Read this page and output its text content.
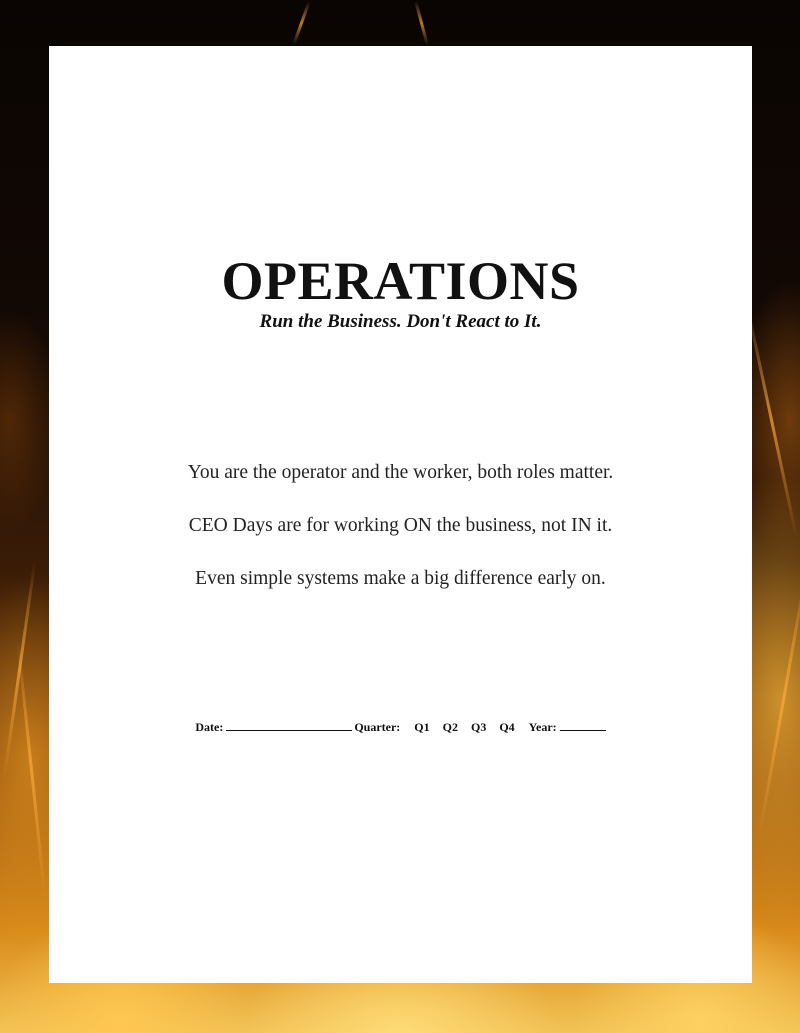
OPERATIONS
Run the Business. Don't React to It.
You are the operator and the worker, both roles matter.
CEO Days are for working ON the business, not IN it.
Even simple systems make a big difference early on.
Date:	Quarter: Q1 Q2 Q3 Q4 Year:
